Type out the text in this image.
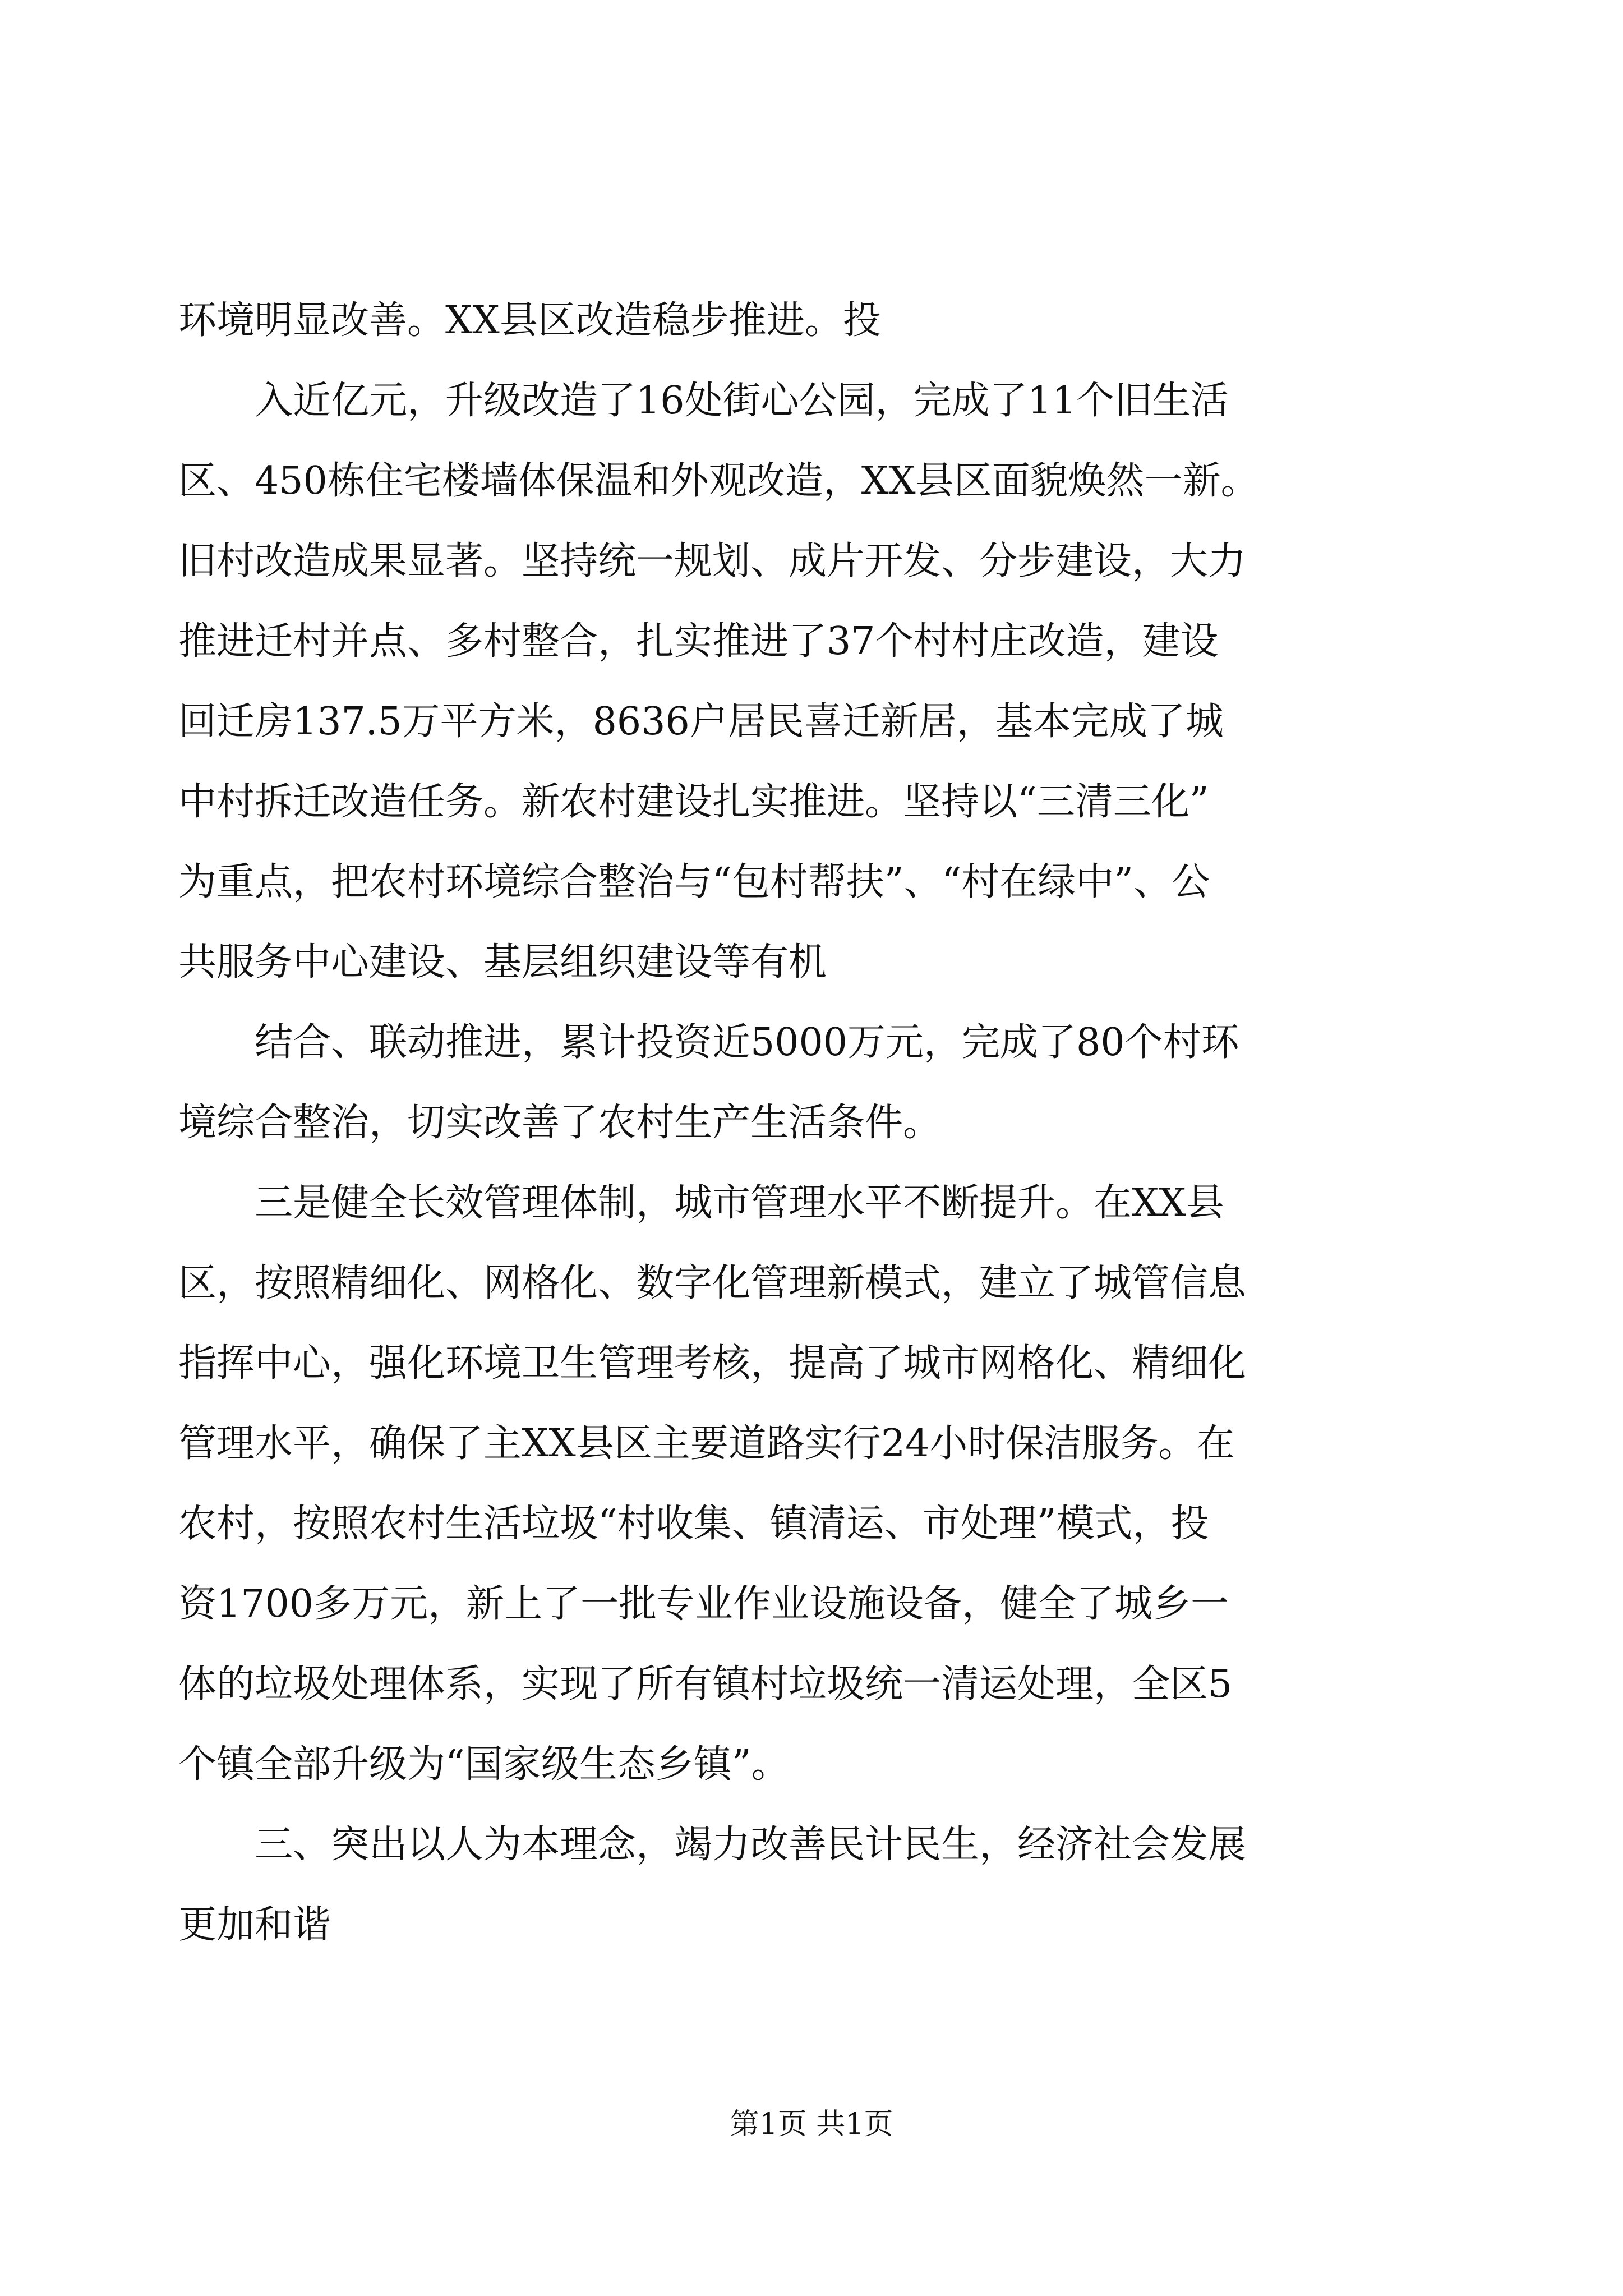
环境明显改善。XX县区改造稳步推进。投
入近亿元，升级改造了16处街心公园，完成了11个旧生活
区、450栋住宅楼墙体保温和外观改造，XX县区面貌焕然一新。
旧村改造成果显著。坚持统一规划、成片开发、分步建设，大力
推进迁村并点、多村整合，扎实推进了37个村村庄改造，建设
回迁房137.5万平方米，8636户居民喜迁新居，基本完成了城
中村拆迁改造任务。新农村建设扎实推进。坚持以“三清三化”
为重点，把农村环境综合整治与“包村帮扶”、“村在绿中”、公
共服务中心建设、基层组织建设等有机
结合、联动推进，累计投资近5000万元，完成了80个村环
境综合整治，切实改善了农村生产生活条件。
三是健全长效管理体制，城市管理水平不断提升。在XX县
区，按照精细化、网格化、数字化管理新模式，建立了城管信息
指挥中心，强化环境卫生管理考核，提高了城市网格化、精细化
管理水平，确保了主XX县区主要道路实行24小时保洁服务。在
农村，按照农村生活垃圾“村收集、镇清运、市处理”模式，投
资1700多万元，新上了一批专业作业设施设备，健全了城乡一
体的垃圾处理体系，实现了所有镇村垃圾统一清运处理，全区5
个镇全部升级为“国家级生态乡镇”。
三、突出以人为本理念，竭力改善民计民生，经济社会发展
更加和谐
第1页 共1页
